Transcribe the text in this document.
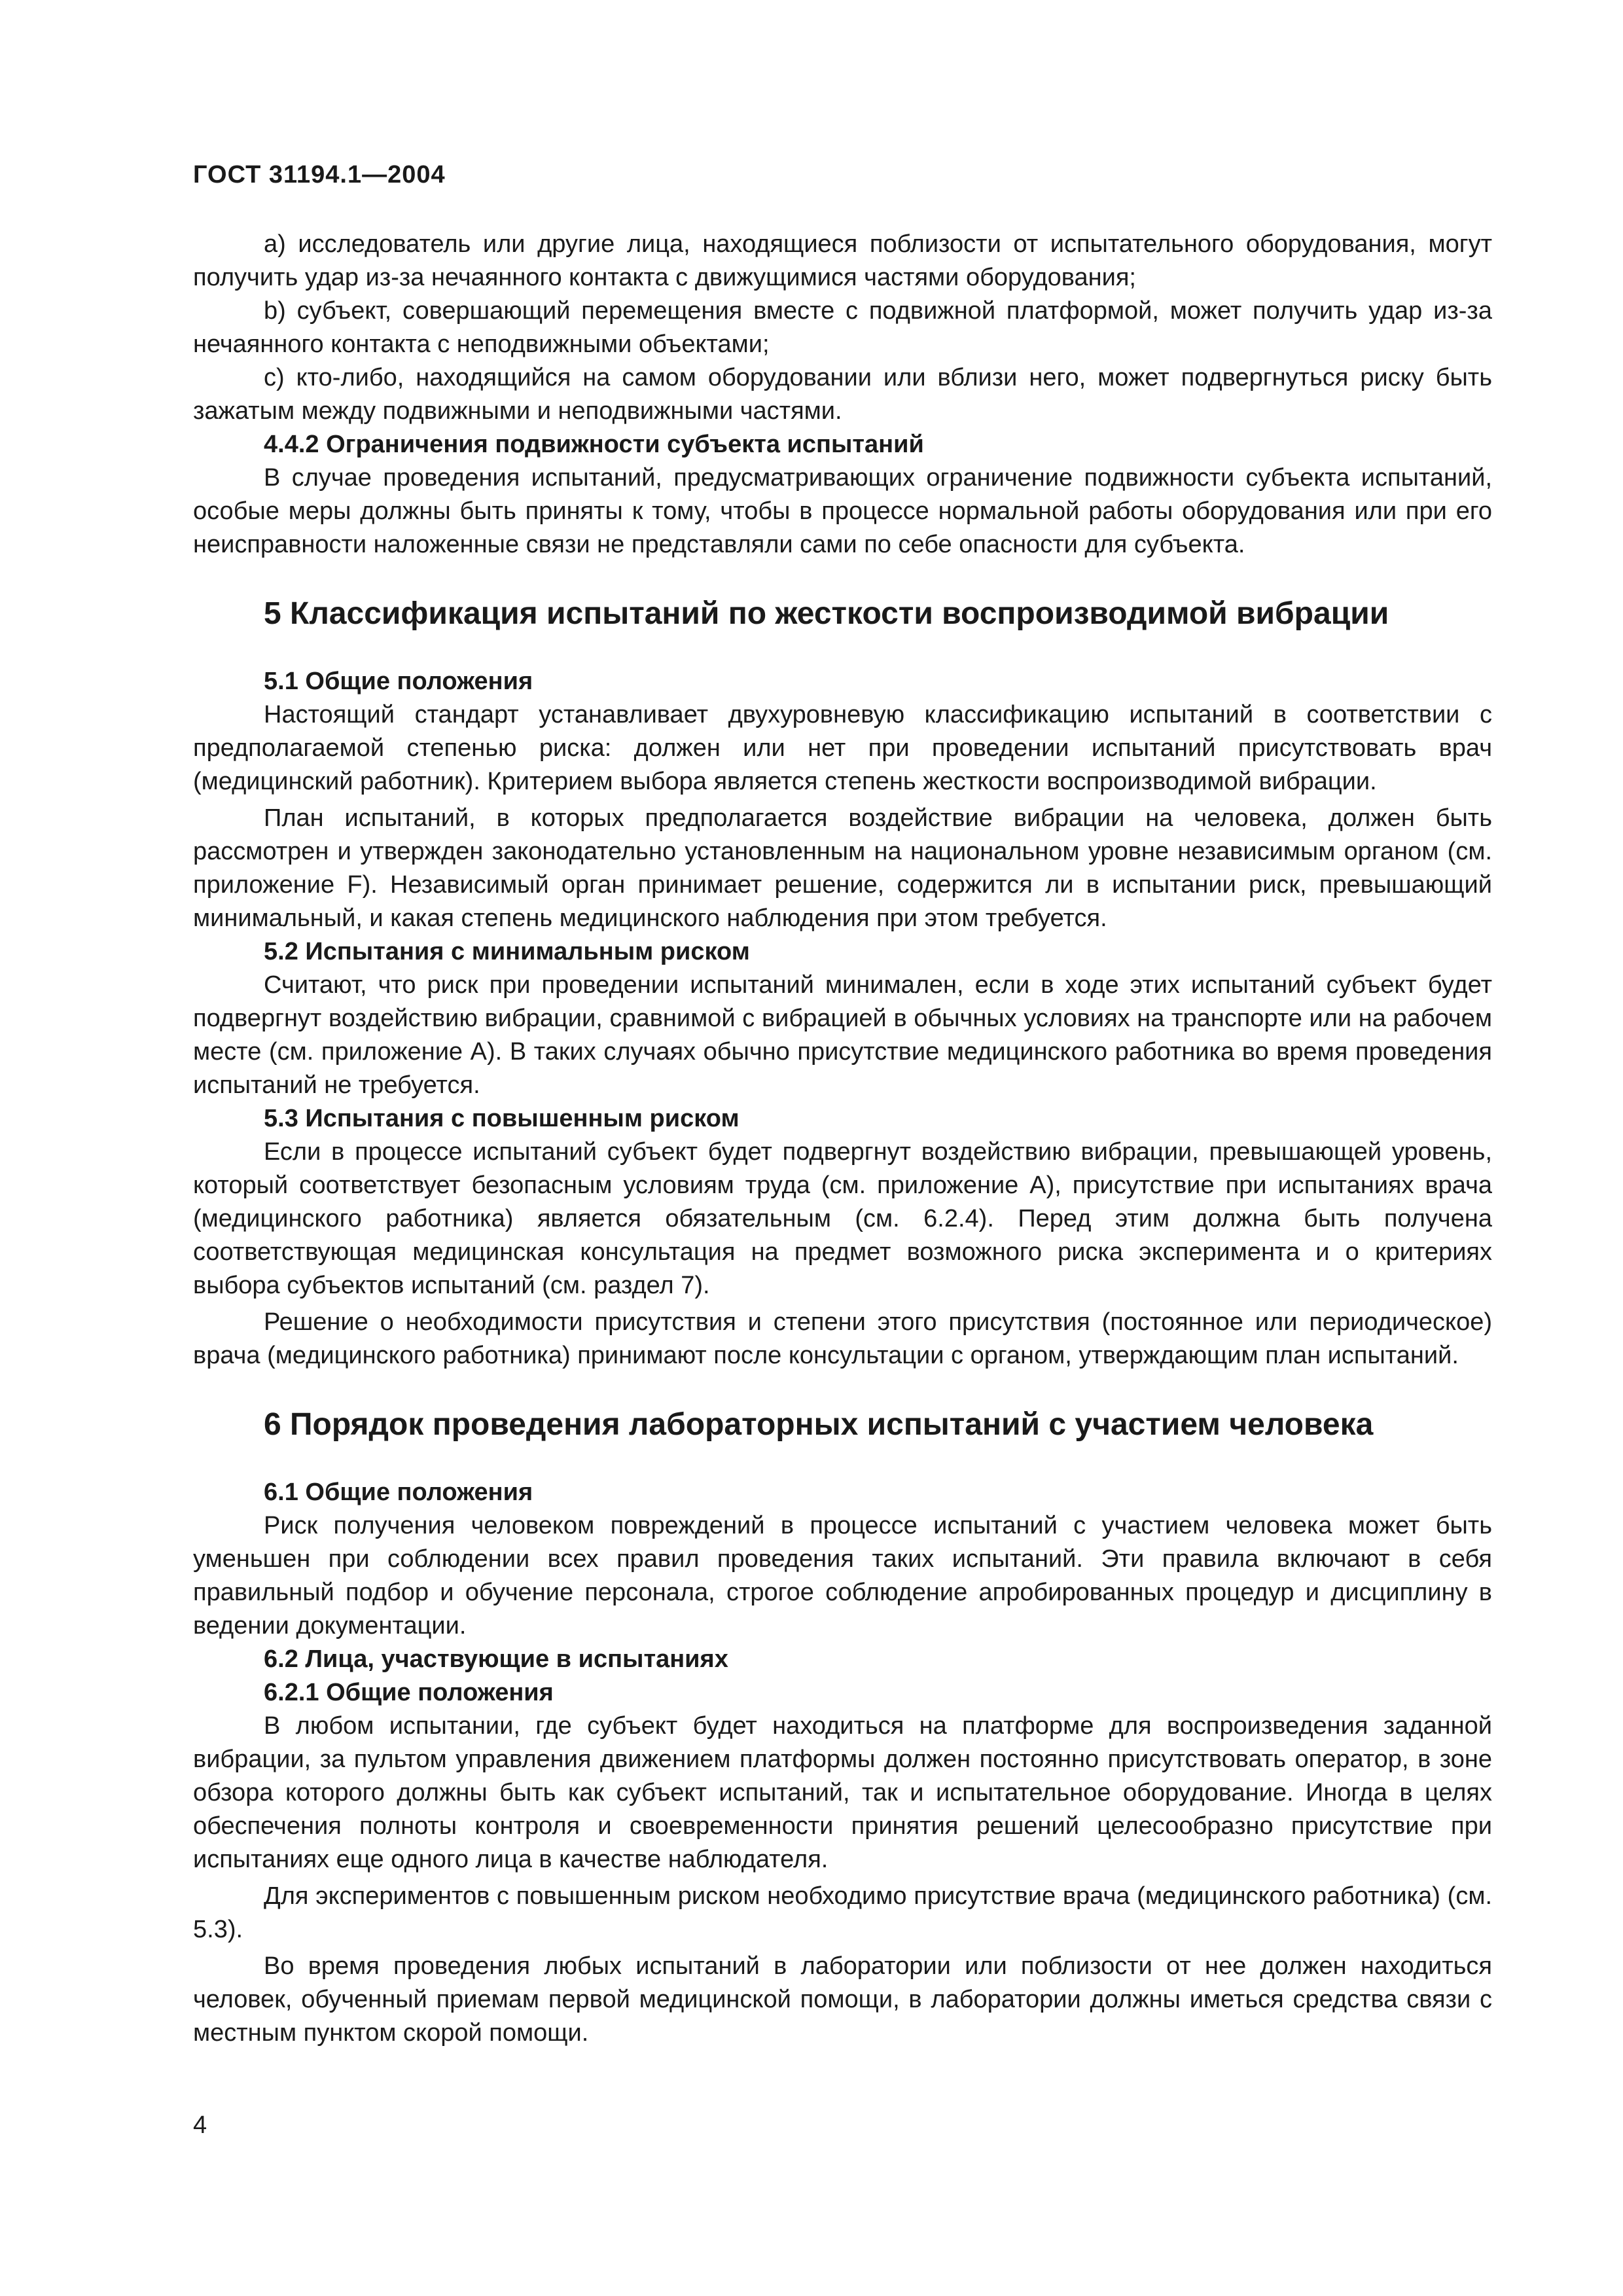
ГОСТ 31194.1—2004

a) исследователь или другие лица, находящиеся поблизости от испытательного оборудования, могут получить удар из-за нечаянного контакта с движущимися частями оборудования;

b) субъект, совершающий перемещения вместе с подвижной платформой, может получить удар из-за нечаянного контакта с неподвижными объектами;

c) кто-либо, находящийся на самом оборудовании или вблизи него, может подвергнуться риску быть зажатым между подвижными и неподвижными частями.

4.4.2 Ограничения подвижности субъекта испытаний

В случае проведения испытаний, предусматривающих ограничение подвижности субъекта испытаний, особые меры должны быть приняты к тому, чтобы в процессе нормальной работы оборудования или при его неисправности наложенные связи не представляли сами по себе опасности для субъекта.

5 Классификация испытаний по жесткости воспроизводимой вибрации
5.1 Общие положения

Настоящий стандарт устанавливает двухуровневую классификацию испытаний в соответствии с предполагаемой степенью риска: должен или нет при проведении испытаний присутствовать врач (медицинский работник). Критерием выбора является степень жесткости воспроизводимой вибрации.

План испытаний, в которых предполагается воздействие вибрации на человека, должен быть рассмотрен и утвержден законодательно установленным на национальном уровне независимым органом (см. приложение F). Независимый орган принимает решение, содержится ли в испытании риск, превышающий минимальный, и какая степень медицинского наблюдения при этом требуется.

5.2 Испытания с минимальным риском

Считают, что риск при проведении испытаний минимален, если в ходе этих испытаний субъект будет подвергнут воздействию вибрации, сравнимой с вибрацией в обычных условиях на транспорте или на рабочем месте (см. приложение А). В таких случаях обычно присутствие медицинского работника во время проведения испытаний не требуется.

5.3 Испытания с повышенным риском

Если в процессе испытаний субъект будет подвергнут воздействию вибрации, превышающей уровень, который соответствует безопасным условиям труда (см. приложение А), присутствие при испытаниях врача (медицинского работника) является обязательным (см. 6.2.4). Перед этим должна быть получена соответствующая медицинская консультация на предмет возможного риска эксперимента и о критериях выбора субъектов испытаний (см. раздел 7).

Решение о необходимости присутствия и степени этого присутствия (постоянное или периодическое) врача (медицинского работника) принимают после консультации с органом, утверждающим план испытаний.

6 Порядок проведения лабораторных испытаний с участием человека
6.1 Общие положения

Риск получения человеком повреждений в процессе испытаний с участием человека может быть уменьшен при соблюдении всех правил проведения таких испытаний. Эти правила включают в себя правильный подбор и обучение персонала, строгое соблюдение апробированных процедур и дисциплину в ведении документации.

6.2 Лица, участвующие в испытаниях
6.2.1 Общие положения

В любом испытании, где субъект будет находиться на платформе для воспроизведения заданной вибрации, за пультом управления движением платформы должен постоянно присутствовать оператор, в зоне обзора которого должны быть как субъект испытаний, так и испытательное оборудование. Иногда в целях обеспечения полноты контроля и своевременности принятия решений целесообразно присутствие при испытаниях еще одного лица в качестве наблюдателя.

Для экспериментов с повышенным риском необходимо присутствие врача (медицинского работника) (см. 5.3).

Во время проведения любых испытаний в лаборатории или поблизости от нее должен находиться человек, обученный приемам первой медицинской помощи, в лаборатории должны иметься средства связи с местным пунктом скорой помощи.

4
